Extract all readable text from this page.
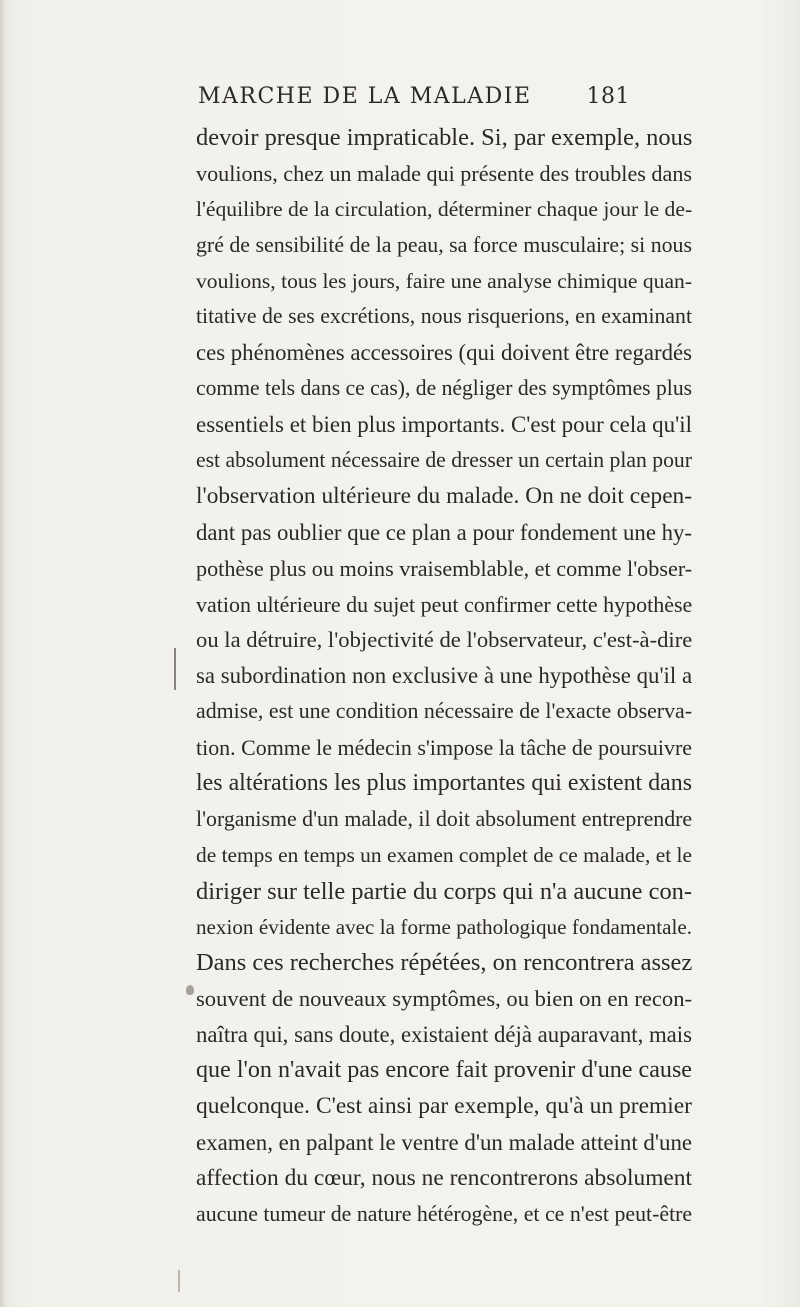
MARCHE DE LA MALADIE 181
devoir presque impraticable. Si, par exemple, nous
voulions, chez un malade qui présente des troubles dans
l'équilibre de la circulation, déterminer chaque jour le de-
gré de sensibilité de la peau, sa force musculaire; si nous
voulions, tous les jours, faire une analyse chimique quan-
titative de ses excrétions, nous risquerions, en examinant
ces phénomènes accessoires (qui doivent être regardés
comme tels dans ce cas), de négliger des symptômes plus
essentiels et bien plus importants. C'est pour cela qu'il
est absolument nécessaire de dresser un certain plan pour
l'observation ultérieure du malade. On ne doit cepen-
dant pas oublier que ce plan a pour fondement une hy-
pothèse plus ou moins vraisemblable, et comme l'obser-
vation ultérieure du sujet peut confirmer cette hypothèse
ou la détruire, l'objectivité de l'observateur, c'est-à-dire
sa subordination non exclusive à une hypothèse qu'il a
admise, est une condition nécessaire de l'exacte observa-
tion. Comme le médecin s'impose la tâche de poursuivre
les altérations les plus importantes qui existent dans
l'organisme d'un malade, il doit absolument entreprendre
de temps en temps un examen complet de ce malade, et le
diriger sur telle partie du corps qui n'a aucune con-
nexion évidente avec la forme pathologique fondamentale.
Dans ces recherches répétées, on rencontrera assez
souvent de nouveaux symptômes, ou bien on en recon-
naîtra qui, sans doute, existaient déjà auparavant, mais
que l'on n'avait pas encore fait provenir d'une cause
quelconque. C'est ainsi par exemple, qu'à un premier
examen, en palpant le ventre d'un malade atteint d'une
affection du cœur, nous ne rencontrerons absolument
aucune tumeur de nature hétérogène, et ce n'est peut-être
